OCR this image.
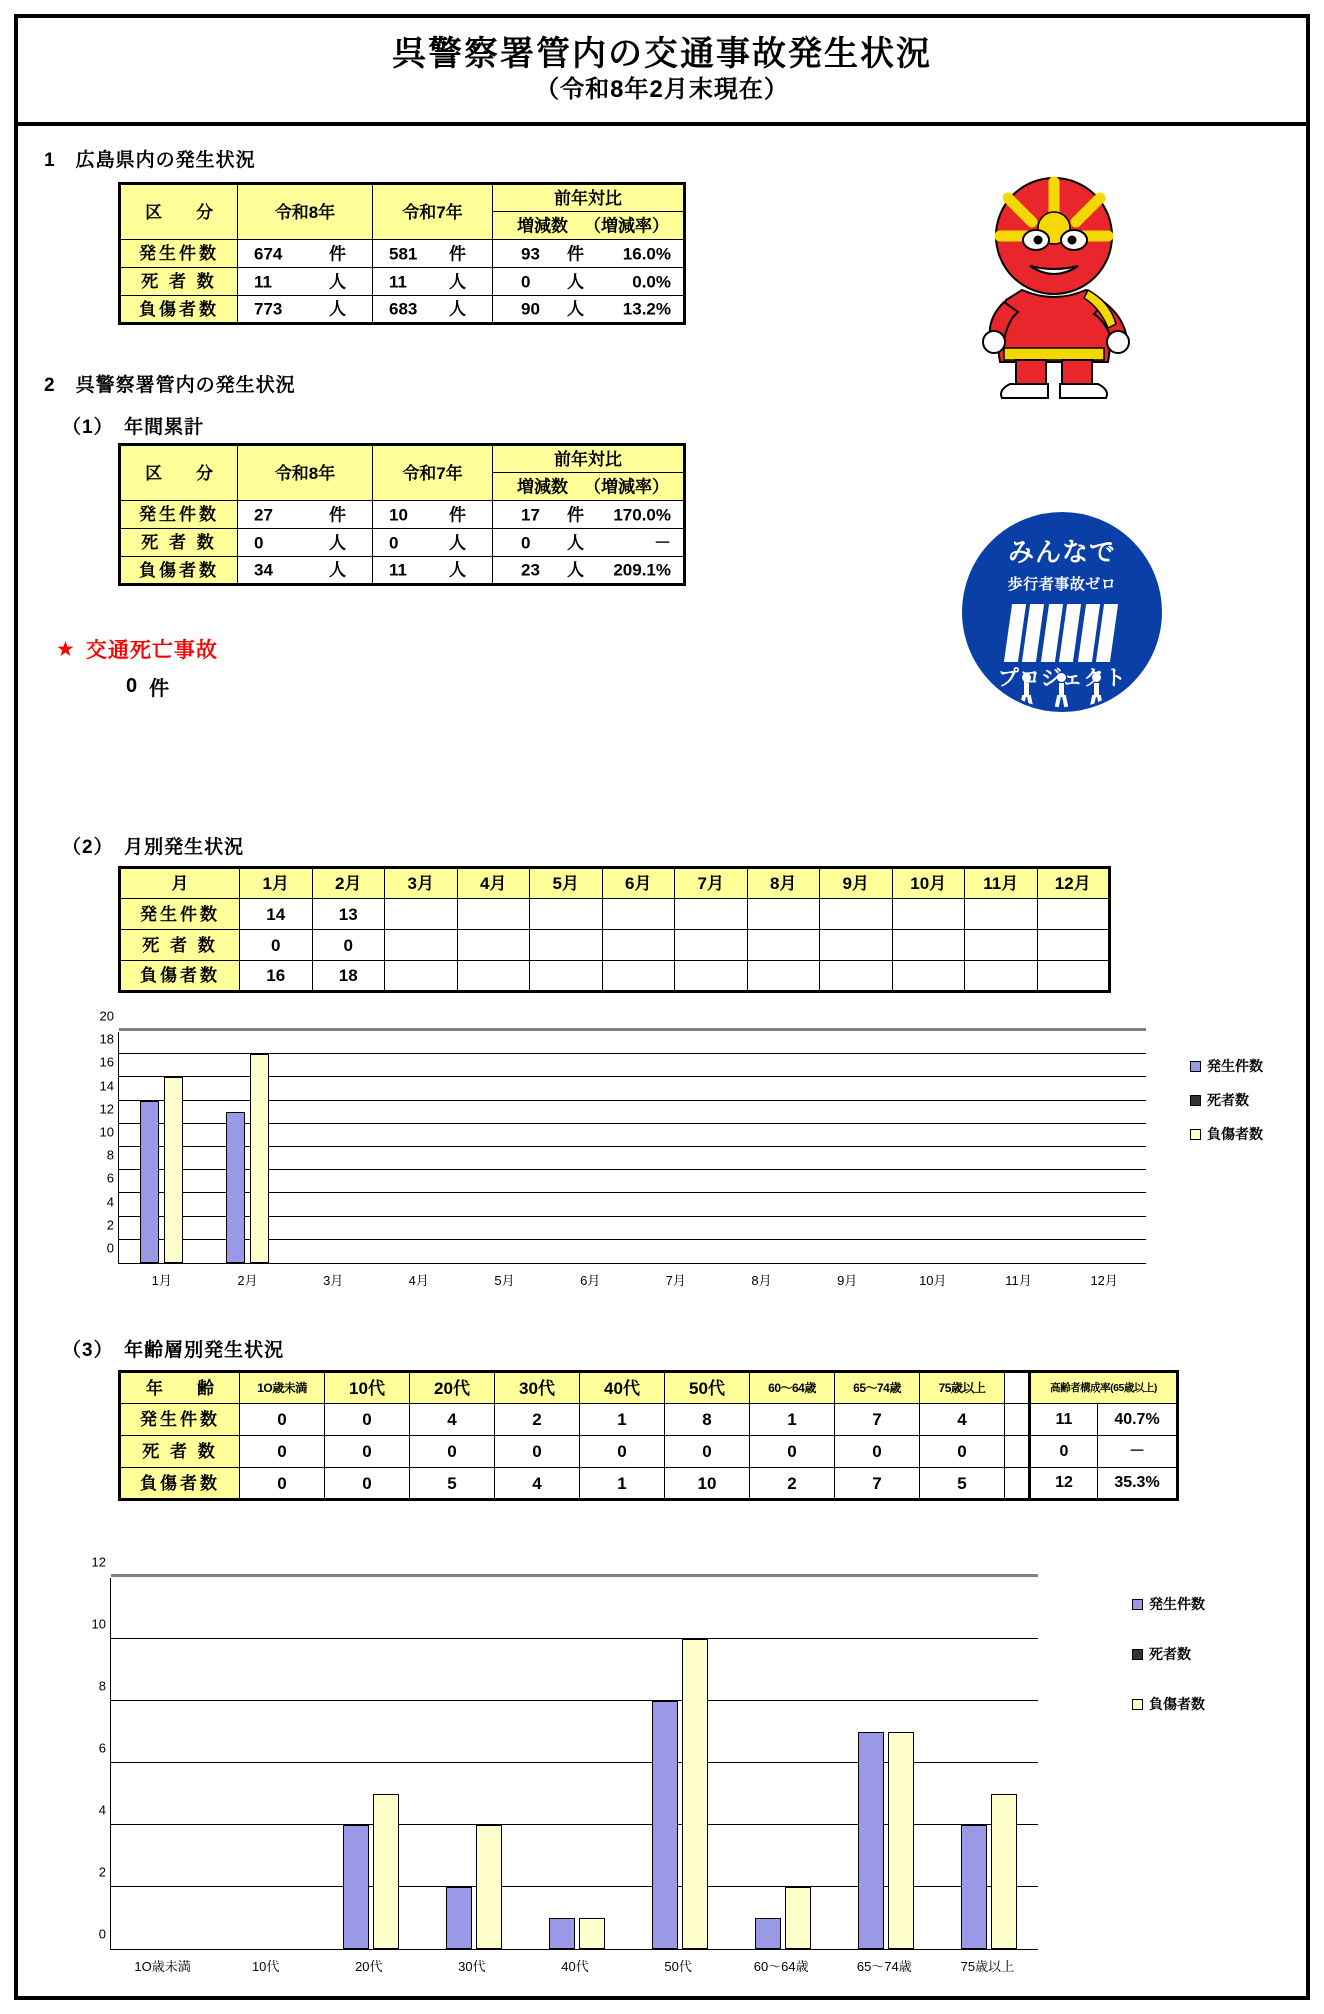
呉警察署管内の交通事故発生状況
（令和8年2月末現在）
1　広島県内の発生状況
区　　分	令和8年	令和7年	前年対比

			増減数 （増減率）

発生件数	674 件	581 件	93 件 16.0%

死 者 数	11 人	11 人	0 人 0.0%

負傷者数	773 人	683 人	90 人 13.2%
2　呉警察署管内の発生状況
（1）　年間累計
区　　分	令和8年	令和7年	前年対比

			増減数 （増減率）

発生件数	27 件	10 件	17 件 170.0%

死 者 数	0 人	0 人	0 人 －

負傷者数	34 人	11 人	23 人 209.1%
★ 交通死亡事故
0 件
みんなで
歩行者事故ゼロ
プロジェクト
（2）　月別発生状況
月	1月	2月	3月	4月	5月	6月	7月	8月	9月	10月	11月	12月
発生件数	14	13										
死 者 数	0	0										
負傷者数	16	18										
20
18
16
14
12
10
8
6
4
2
0
1月	2月	3月	4月	5月	6月	7月	8月	9月	10月	11月	12月
発生件数
死者数
負傷者数
（3）　年齢層別発生状況
年　　齢	1O歳未満	10代	20代	30代	40代	50代	60～64歳	65～74歳	75歳以上	
発生件数	0	0	4	2	1	8	1	7	4	
死 者 数	0	0	0	0	0	0	0	0	0	
負傷者数	0	0	5	4	1	10	2	7	5	
高齢者構成率(65歳以上)	
11	40.7%
0	－
12	35.3%
12
10
8
6
4
2
0
1O歳未満	10代	20代	30代	40代	50代	60～64歳	65～74歳	75歳以上
発生件数
死者数
負傷者数
